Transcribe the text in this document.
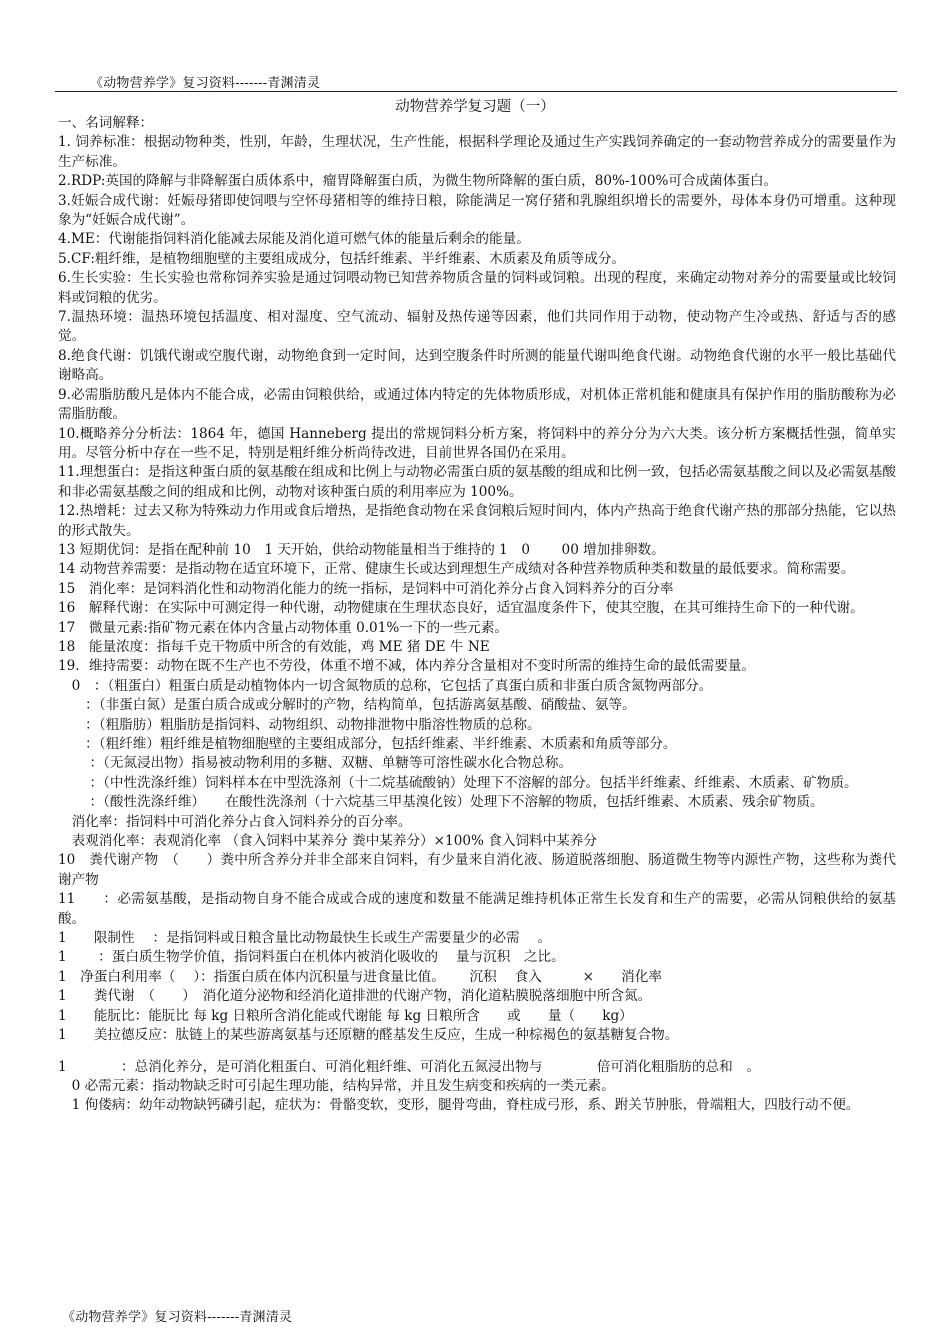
《动物营养学》复习资料-------青渊清灵
动物营养学复习题（一）

一、名词解释：

1. 饲养标准：根据动物种类，性别，年龄，生理状况，生产性能，根据科学理论及通过生产实践饲养确定的一套动物营养成分的需要量作为生产标准。

2.RDP:英国的降解与非降解蛋白质体系中，瘤胃降解蛋白质，为微生物所降解的蛋白质，80%-100%可合成菌体蛋白。

3.妊娠合成代谢：妊娠母猪即使饲喂与空怀母猪相等的维持日粮，除能满足一窝仔猪和乳腺组织增长的需要外，母体本身仍可增重。这种现象为“妊娠合成代谢”。

4.ME：代谢能指饲料消化能减去尿能及消化道可燃气体的能量后剩余的能量。

5.CF:粗纤维，是植物细胞壁的主要组成成分，包括纤维素、半纤维素、木质素及角质等成分。

6.生长实验：生长实验也常称饲养实验是通过饲喂动物已知营养物质含量的饲料或饲粮。出现的程度，来确定动物对养分的需要量或比较饲料或饲粮的优劣。

7.温热环境：温热环境包括温度、相对湿度、空气流动、辐射及热传递等因素，他们共同作用于动物，使动物产生冷或热、舒适与否的感觉。

8.绝食代谢：饥饿代谢或空腹代谢，动物绝食到一定时间，达到空腹条件时所测的能量代谢叫绝食代谢。动物绝食代谢的水平一般比基础代谢略高。

9.必需脂肪酸凡是体内不能合成，必需由饲粮供给，或通过体内特定的先体物质形成，对机体正常机能和健康具有保护作用的脂肪酸称为必需脂肪酸。

10.概略养分分析法：1864 年，德国 Hanneberg 提出的常规饲料分析方案，将饲料中的养分分为六大类。该分析方案概括性强，简单实用。尽管分析中存在一些不足，特别是粗纤维分析尚待改进，目前世界各国仍在采用。

11.理想蛋白：是指这种蛋白质的氨基酸在组成和比例上与动物必需蛋白质的氨基酸的组成和比例一致，包括必需氨基酸之间以及必需氨基酸和非必需氨基酸之间的组成和比例，动物对该种蛋白质的利用率应为 100%。

12.热增耗：过去又称为特殊动力作用或食后增热，是指绝食动物在采食饲粮后短时间内，体内产热高于绝食代谢产热的那部分热能，它以热的形式散失。

13 短期优饲：是指在配种前 10　1 天开始，供给动物能量相当于维持的 1　0　　 00 增加排卵数。

14 动物营养需要：是指动物在适宜环境下，正常、健康生长或达到理想生产成绩对各种营养物质种类和数量的最低要求。简称需要。

15　消化率：是饲料消化性和动物消化能力的统一指标，是饲料中可消化养分占食入饲料养分的百分率

16　解释代谢：在实际中可测定得一种代谢，动物健康在生理状态良好，适宜温度条件下，使其空腹，在其可维持生命下的一种代谢。

17　微量元素:指矿物元素在体内含量占动物体重 0.01%一下的一些元素。

18　能量浓度：指每千克干物质中所含的有效能，鸡 ME 猪 DE 牛 NE

19．维持需要：动物在既不生产也不劳役，体重不增不减，体内养分含量相对不变时所需的维持生命的最低需要量。

　0　：（粗蛋白）粗蛋白质是动植物体内一切含氮物质的总称，它包括了真蛋白质和非蛋白质含氮物两部分。

　　：（非蛋白氮）是蛋白质合成或分解时的产物，结构简单，包括游离氨基酸、硝酸盐、氨等。

　　：（粗脂肪）粗脂肪是指饲料、动物组织、动物排泄物中脂溶性物质的总称。

　　：（粗纤维）粗纤维是植物细胞壁的主要组成部分，包括纤维素、半纤维素、木质素和角质等部分。

　　 ：（无氮浸出物）指易被动物利用的多糖、双糖、单糖等可溶性碳水化合物总称。

　　 ：（中性洗涤纤维）饲料样本在中型洗涤剂（十二烷基硫酸钠）处理下不溶解的部分。包括半纤维素、纤维素、木质素、矿物质。

　　 ：（酸性洗涤纤维）　　在酸性洗涤剂（十六烷基三甲基溴化铵）处理下不溶解的物质，包括纤维素、木质素、残余矿物质。

　消化率：指饲料中可消化养分占食入饲料养分的百分率。

　表观消化率：表观消化率 （食入饲料中某养分 粪中某养分）×100% 食入饲料中某养分

10　粪代谢产物　（　　）粪中所含养分并非全部来自饲料，有少量来自消化液、肠道脱落细胞、肠道微生物等内源性产物，这些称为粪代谢产物

11　　：必需氨基酸，是指动物自身不能合成或合成的速度和数量不能满足维持机体正常生长发育和生产的需要，必需从饲粮供给的氨基酸。

1　　限制性　 ：是指饲料或日粮含量比动物最快生长或生产需要量少的必需　 。

1　　 ：蛋白质生物学价值，指饲料蛋白在机体内被消化吸收的　 量与沉积　之比。

1　净蛋白利用率（　 ）：指蛋白质在体内沉积量与进食量比值。　　 沉积　 食入　　　×　　消化率

1　　粪代谢　（　　）　消化道分泌物和经消化道排泄的代谢产物，消化道粘膜脱落细胞中所含氮。

1　　能朊比：能朊比 每 kg 日粮所含消化能或代谢能 每 kg 日粮所含　　或　　量（　　kg）

1　　美拉德反应：肽链上的某些游离氨基与还原糖的醛基发生反应，生成一种棕褐色的氨基糖复合物。

1　　　　：总消化养分，是可消化粗蛋白、可消化粗纤维、可消化五氮浸出物与　　　　倍可消化粗脂肪的总和　。

　0 必需元素：指动物缺乏时可引起生理功能，结构异常，并且发生病变和疾病的一类元素。

　1 佝偻病：幼年动物缺钙磷引起，症状为：骨骼变软，变形，腿骨弯曲，脊柱成弓形，系、跗关节肿胀，骨端粗大，四肢行动不便。

《动物营养学》复习资料-------青渊清灵
